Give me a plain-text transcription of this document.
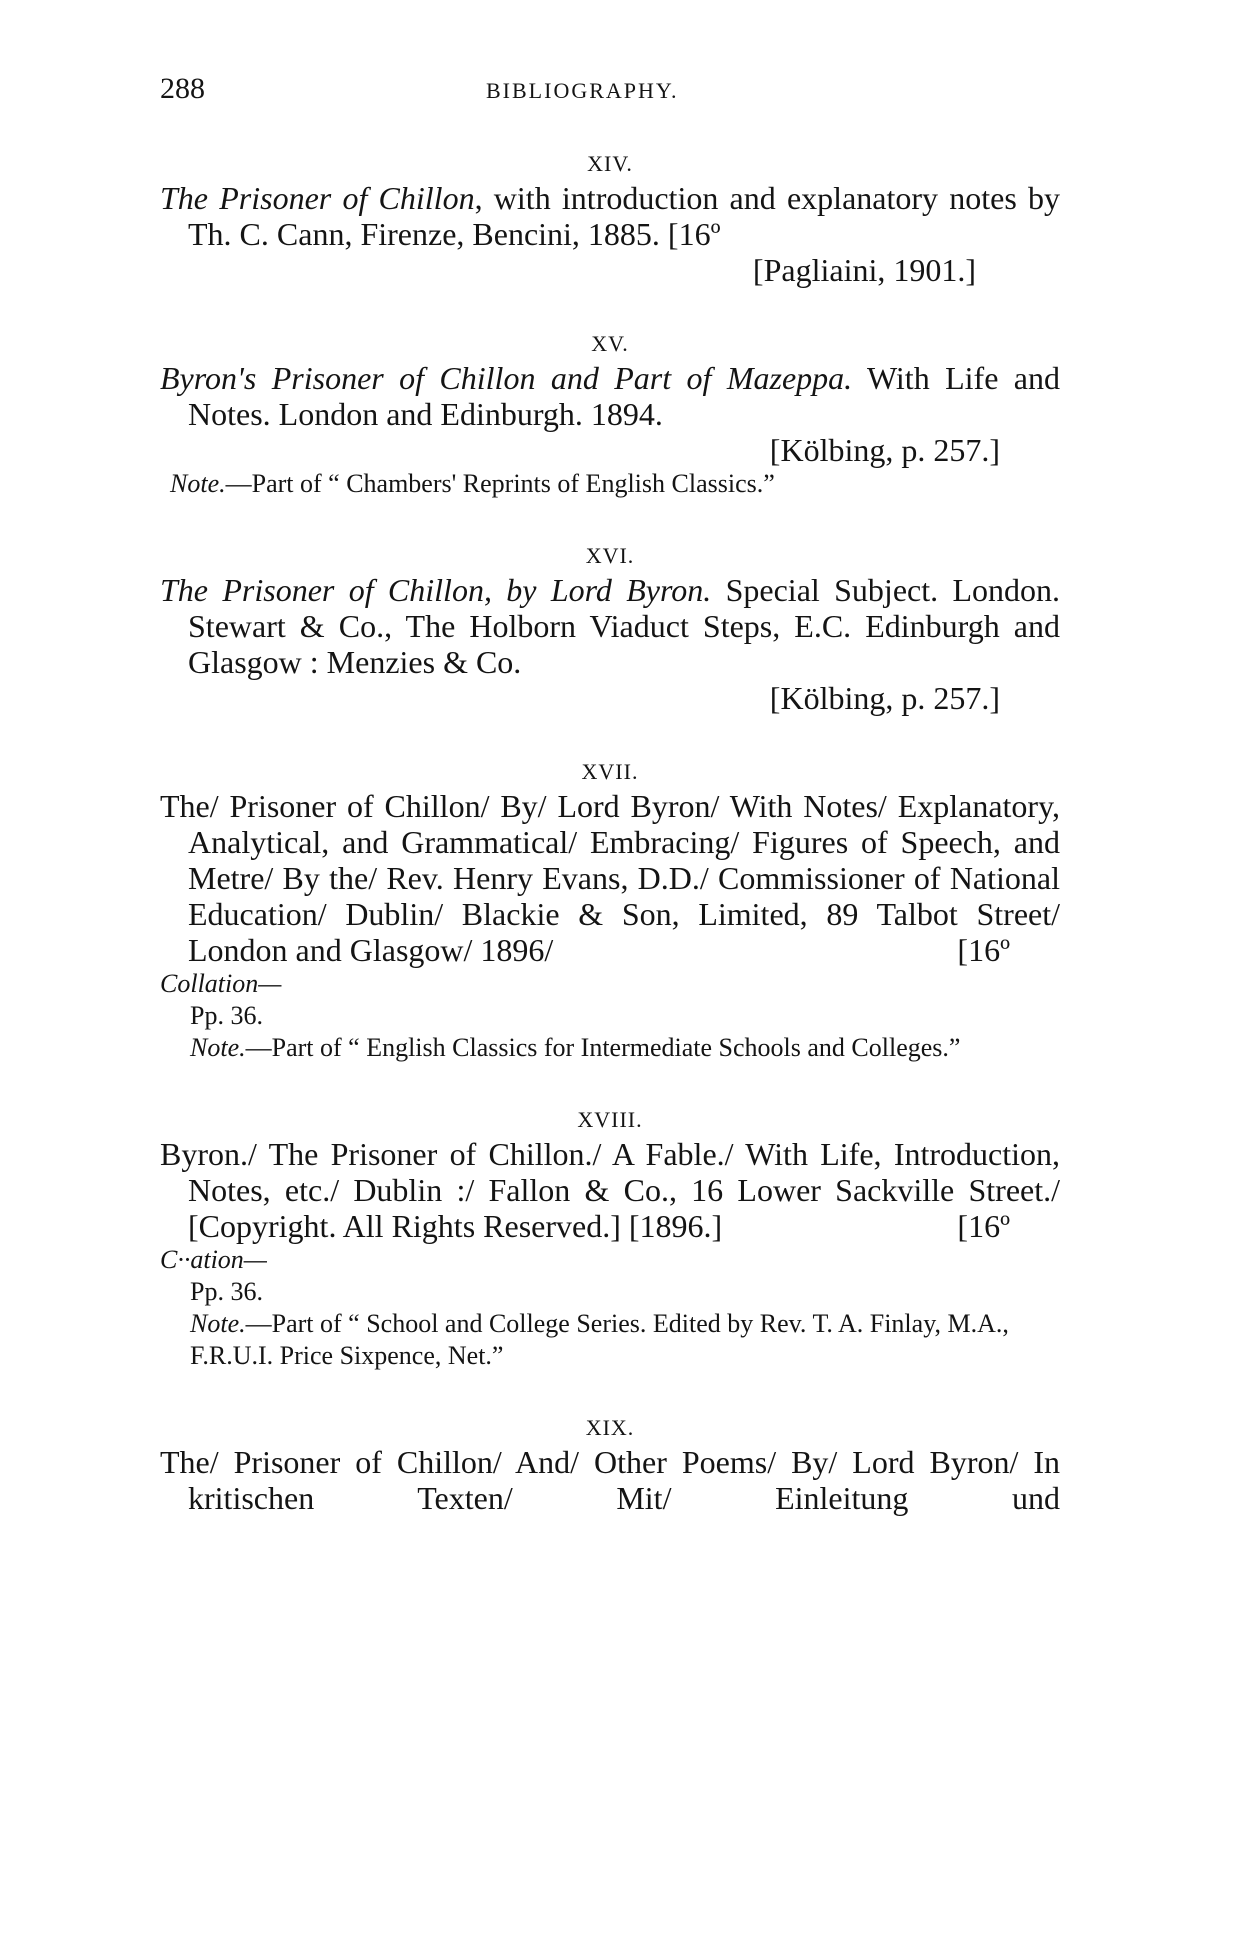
288	BIBLIOGRAPHY.
XIV.

The Prisoner of Chillon, with introduction and explanatory notes by Th. C. Cann, Firenze, Bencini, 1885. [16º

[Pagliaini, 1901.]
XV.

Byron's Prisoner of Chillon and Part of Mazeppa. With Life and Notes. London and Edinburgh. 1894.

[Kölbing, p. 257.]
Note.—Part of “ Chambers' Reprints of English Classics.”
XVI.

The Prisoner of Chillon, by Lord Byron. Special Subject. London. Stewart & Co., The Holborn Viaduct Steps, E.C. Edinburgh and Glasgow : Menzies & Co.

[Kölbing, p. 257.]
XVII.

The/ Prisoner of Chillon/ By/ Lord Byron/ With Notes/ Explanatory, Analytical, and Grammatical/ Embracing/ Figures of Speech, and Metre/ By the/ Rev. Henry Evans, D.D./ Commissioner of National Education/ Dublin/ Blackie & Son, Limited, 89 Talbot Street/ London and Glasgow/ 1896/	[16º

Collation—
Pp. 36.
Note.—Part of “ English Classics for Intermediate Schools and Colleges.”
XVIII.

Byron./ The Prisoner of Chillon./ A Fable./ With Life, Introduction, Notes, etc./ Dublin :/ Fallon & Co., 16 Lower Sackville Street./ [Copyright. All Rights Reserved.] [1896.]	[16º

C··ation—
Pp. 36.
Note.—Part of “ School and College Series. Edited by Rev. T. A. Finlay, M.A., F.R.U.I. Price Sixpence, Net.”
XIX.

The/ Prisoner of Chillon/ And/ Other Poems/ By/ Lord Byron/ In kritischen Texten/ Mit/ Einleitung und
